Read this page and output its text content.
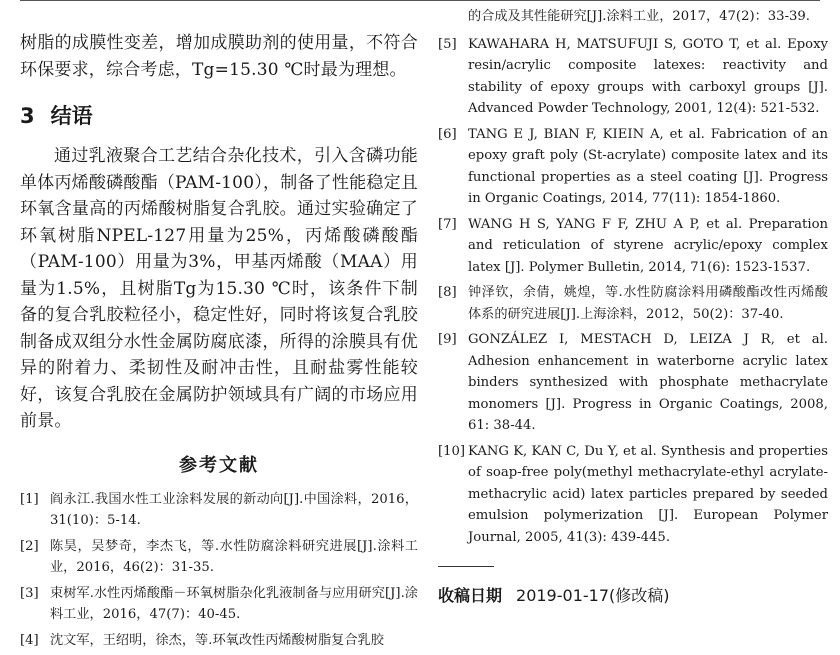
树脂的成膜性变差，增加成膜助剂的使用量，不符合环保要求，综合考虑，Tg=15.30 ℃时最为理想。

3 结语

通过乳液聚合工艺结合杂化技术，引入含磷功能单体丙烯酸磷酸酯（PAM-100），制备了性能稳定且环氧含量高的丙烯酸树脂复合乳胶。通过实验确定了环氧树脂NPEL-127用量为25%，丙烯酸磷酸酯（PAM-100）用量为3%，甲基丙烯酸（MAA）用量为1.5%，且树脂Tg为15.30 ℃时，该条件下制备的复合乳胶粒径小，稳定性好，同时将该复合乳胶制备成双组分水性金属防腐底漆，所得的涂膜具有优异的附着力、柔韧性及耐冲击性，且耐盐雾性能较好，该复合乳胶在金属防护领域具有广阔的市场应用前景。

参考文献
[1] 阎永江.我国水性工业涂料发展的新动向[J].中国涂料，2016，31(10)：5-14.
[2] 陈昊，吴梦奇，李杰飞，等.水性防腐涂料研究进展[J].涂料工业，2016，46(2)：31-35.
[3] 束树军.水性丙烯酸酯－环氧树脂杂化乳液制备与应用研究[J].涂料工业，2016，47(7)：40-45.
[4] 沈文军，王绍明，徐杰，等.环氧改性丙烯酸树脂复合乳胶

的合成及其性能研究[J].涂料工业，2017，47(2)：33-39.

[5] KAWAHARA H, MATSUFUJI S, GOTO T, et al. Epoxy resin/acrylic composite latexes: reactivity and stability of epoxy groups with carboxyl groups [J]. Advanced Powder Technology, 2001, 12(4): 521-532.
[6] TANG E J, BIAN F, KIEIN A, et al. Fabrication of an epoxy graft poly (St-acrylate) composite latex and its functional properties as a steel coating [J]. Progress in Organic Coatings, 2014, 77(11): 1854-1860.
[7] WANG H S, YANG F F, ZHU A P, et al. Preparation and reticulation of styrene acrylic/epoxy complex latex [J]. Polymer Bulletin, 2014, 71(6): 1523-1537.
[8] 钟泽钦，余倩，姚煌，等.水性防腐涂料用磷酸酯改性丙烯酸体系的研究进展[J].上海涂料，2012，50(2)：37-40.
[9] GONZÁLEZ I, MESTACH D, LEIZA J R, et al. Adhesion enhancement in waterborne acrylic latex binders synthesized with phosphate methacrylate monomers [J]. Progress in Organic Coatings, 2008, 61: 38-44.
[10] KANG K, KAN C, Du Y, et al. Synthesis and properties of soap-free poly(methyl methacrylate-ethyl acrylate-methacrylic acid) latex particles prepared by seeded emulsion polymerization [J]. European Polymer Journal, 2005, 41(3): 439-445.
收稿日期 2019-01-17(修改稿)
